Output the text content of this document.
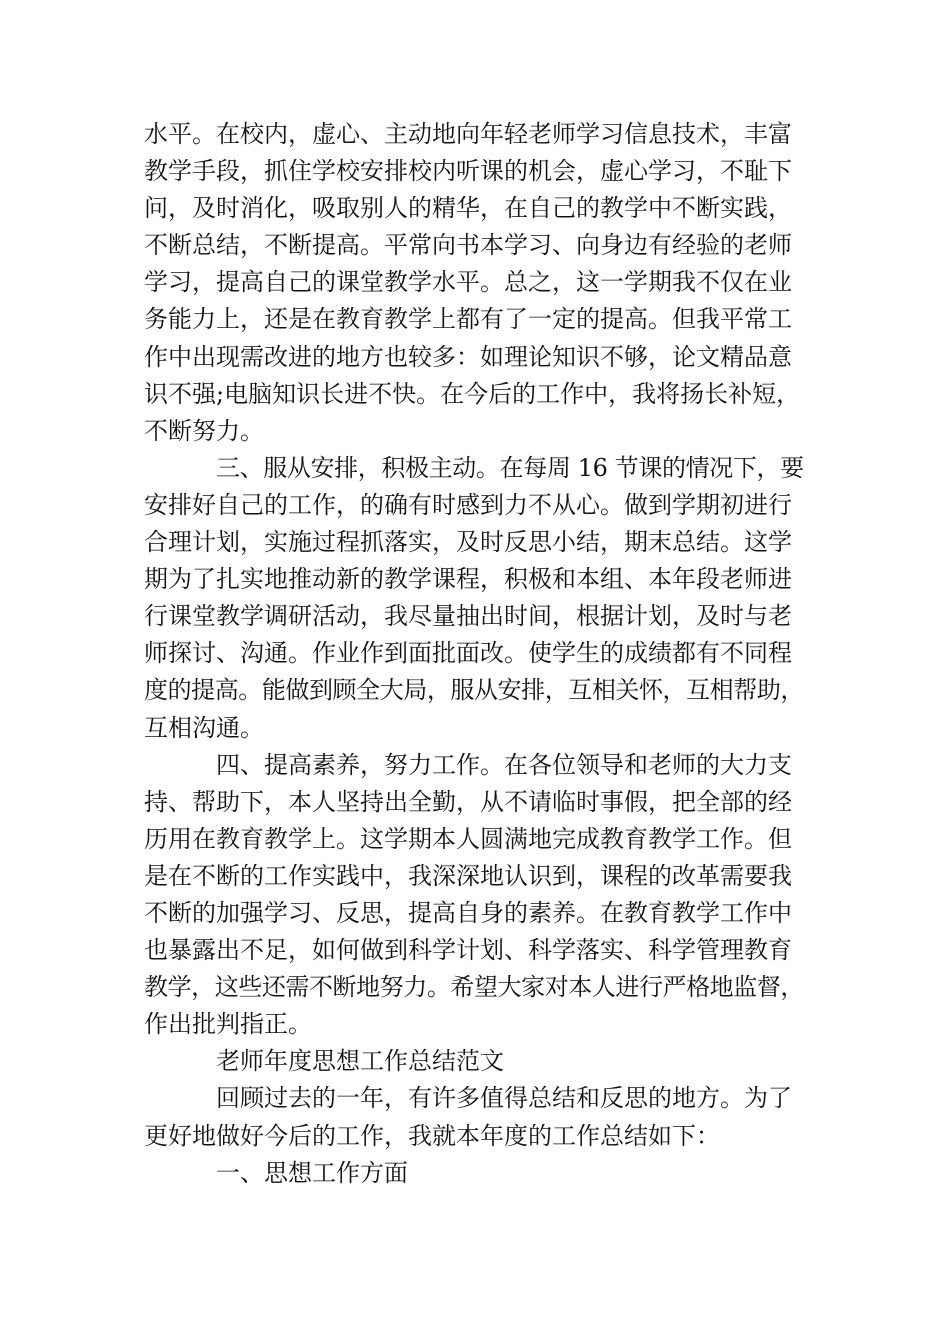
水平。在校内，虚心、主动地向年轻老师学习信息技术，丰富
教学手段，抓住学校安排校内听课的机会，虚心学习，不耻下
问，及时消化，吸取别人的精华，在自己的教学中不断实践，
不断总结，不断提高。平常向书本学习、向身边有经验的老师
学习，提高自己的课堂教学水平。总之，这一学期我不仅在业
务能力上，还是在教育教学上都有了一定的提高。但我平常工
作中出现需改进的地方也较多：如理论知识不够，论文精品意
识不强;电脑知识长进不快。在今后的工作中，我将扬长补短，
不断努力。
三、服从安排，积极主动。在每周 16 节课的情况下，要
安排好自己的工作，的确有时感到力不从心。做到学期初进行
合理计划，实施过程抓落实，及时反思小结，期末总结。这学
期为了扎实地推动新的教学课程，积极和本组、本年段老师进
行课堂教学调研活动，我尽量抽出时间，根据计划，及时与老
师探讨、沟通。作业作到面批面改。使学生的成绩都有不同程
度的提高。能做到顾全大局，服从安排，互相关怀，互相帮助，
互相沟通。
四、提高素养，努力工作。在各位领导和老师的大力支
持、帮助下，本人坚持出全勤，从不请临时事假，把全部的经
历用在教育教学上。这学期本人圆满地完成教育教学工作。但
是在不断的工作实践中，我深深地认识到，课程的改革需要我
不断的加强学习、反思，提高自身的素养。在教育教学工作中
也暴露出不足，如何做到科学计划、科学落实、科学管理教育
教学，这些还需不断地努力。希望大家对本人进行严格地监督，
作出批判指正。
老师年度思想工作总结范文
回顾过去的一年，有许多值得总结和反思的地方。为了
更好地做好今后的工作，我就本年度的工作总结如下：
一、思想工作方面
